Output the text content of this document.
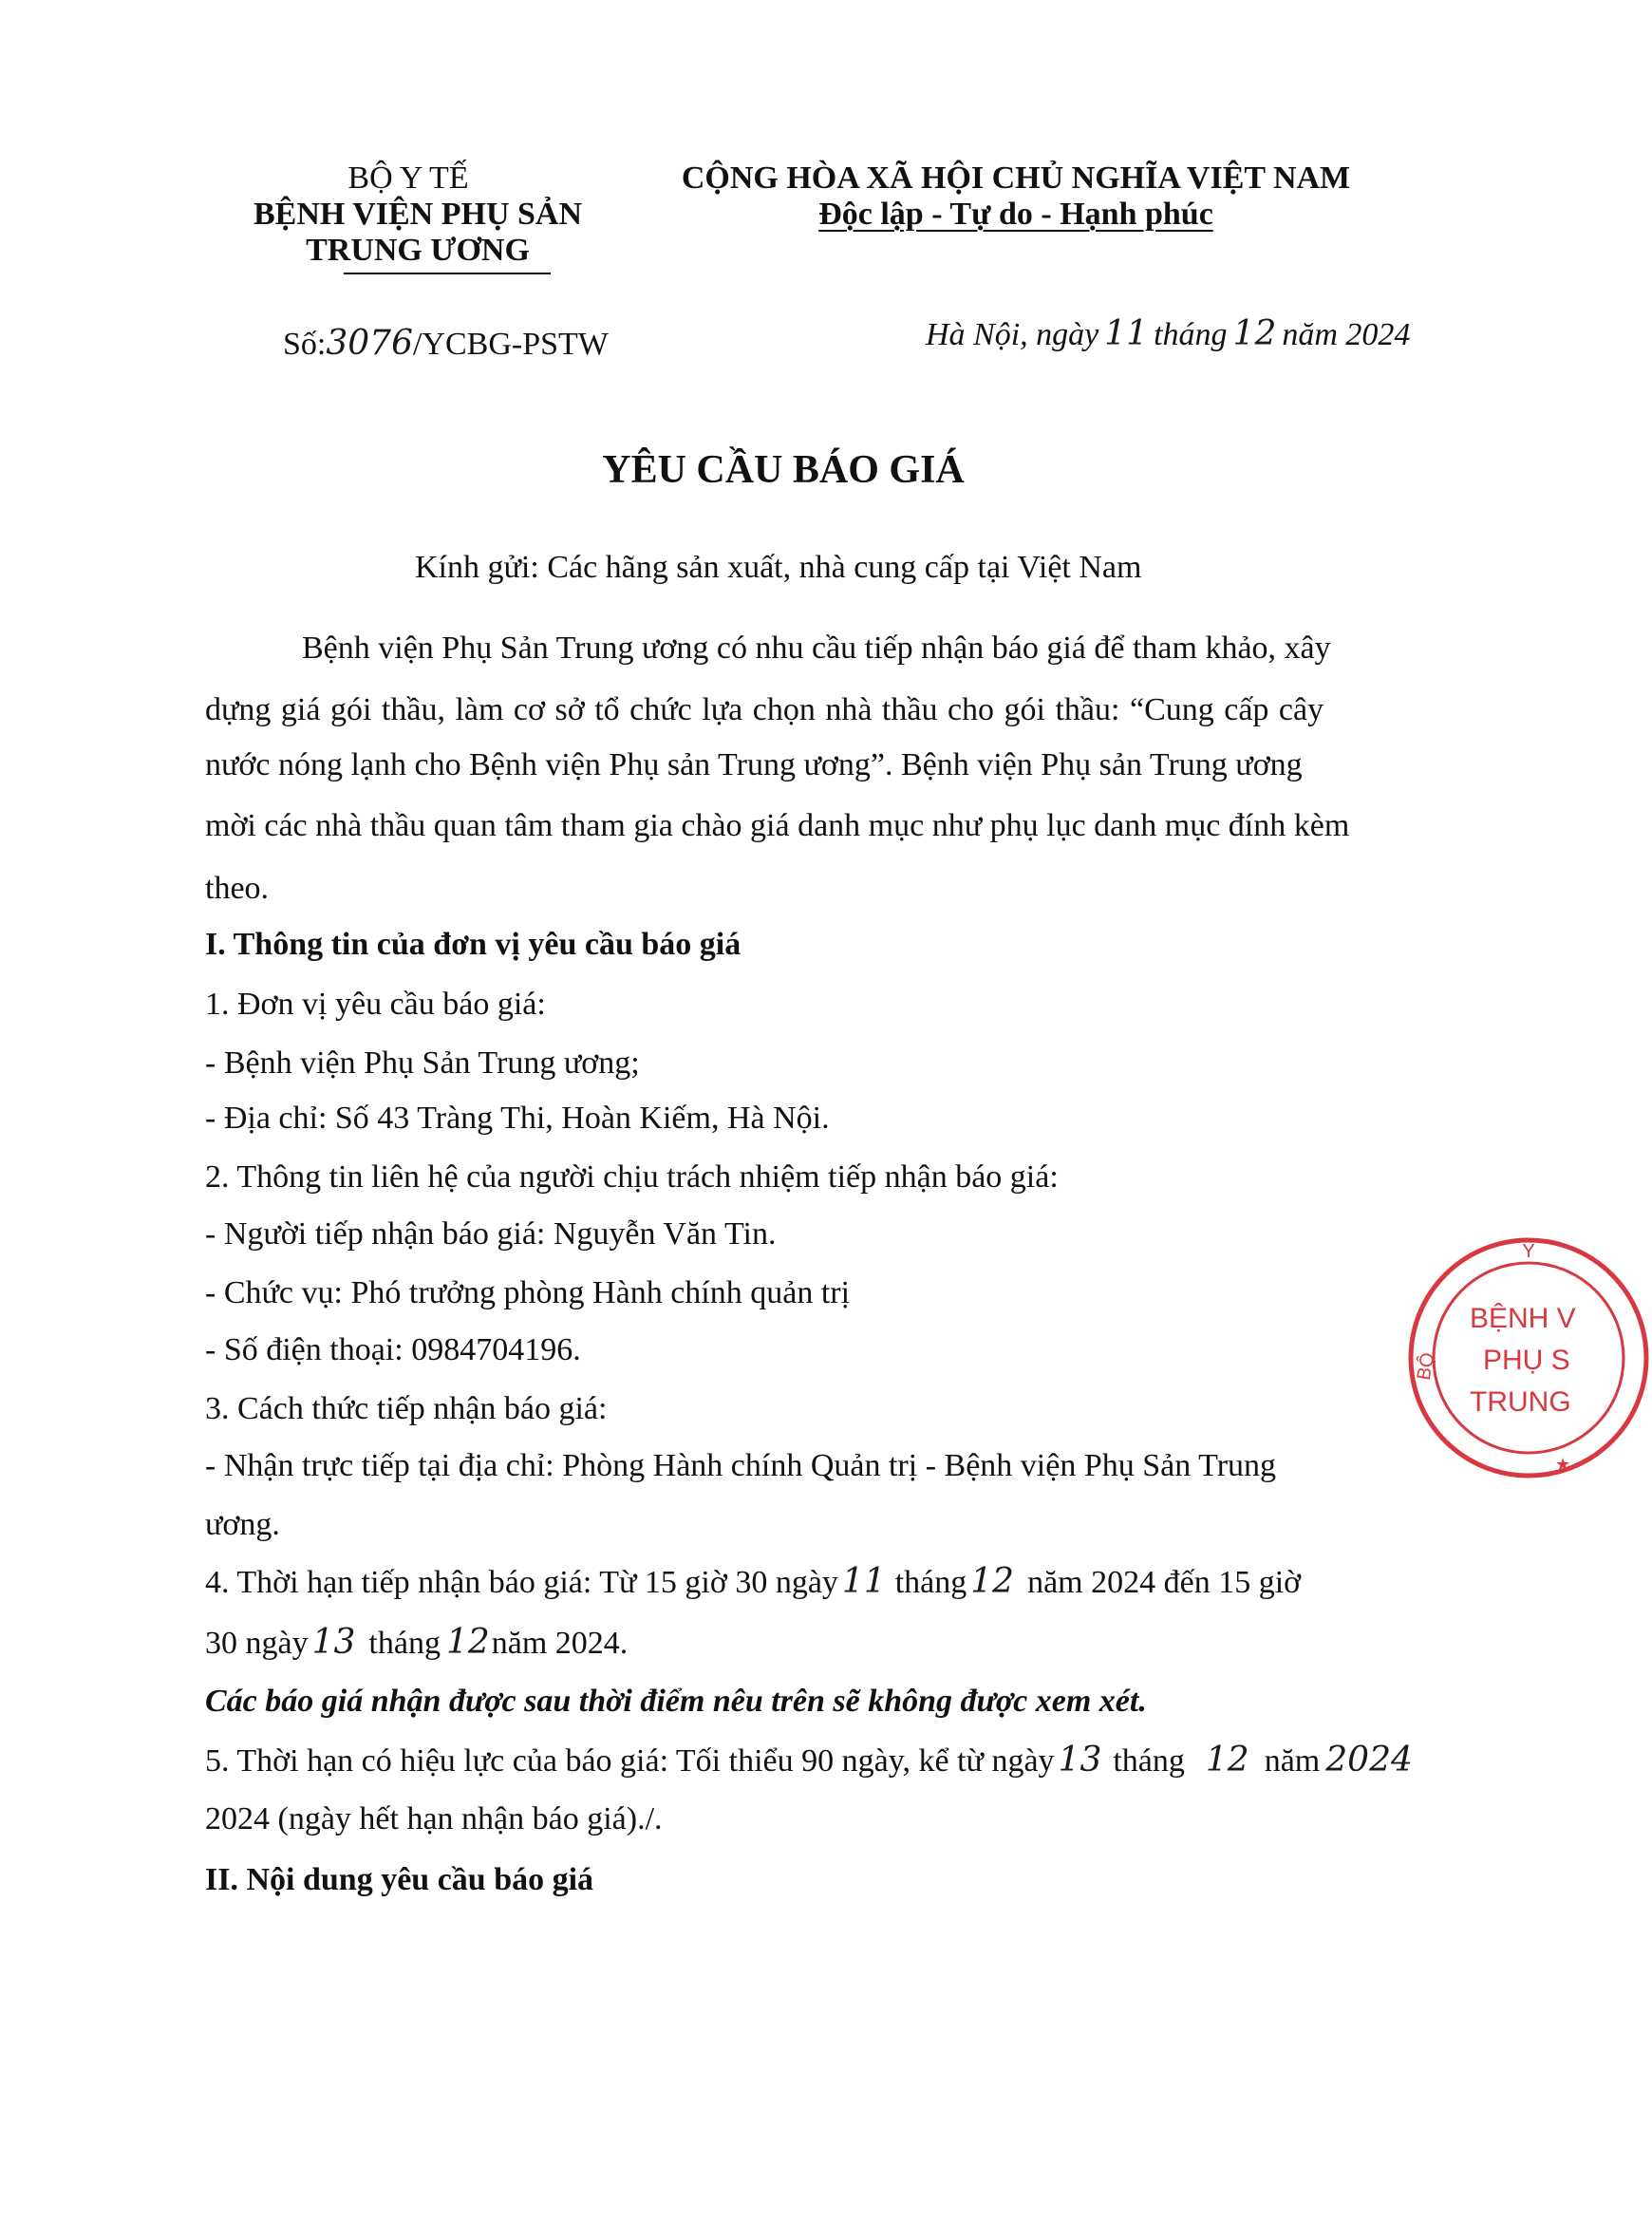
BỘ Y TẾ
BỆNH VIỆN PHỤ SẢN
TRUNG ƯƠNG
CỘNG HÒA XÃ HỘI CHỦ NGHĨA VIỆT NAM
Độc lập - Tự do - Hạnh phúc
Số:3076/YCBG-PSTW	Hà Nội, ngày 11 tháng 12 năm 2024
YÊU CẦU BÁO GIÁ
Kính gửi: Các hãng sản xuất, nhà cung cấp tại Việt Nam
Bệnh viện Phụ Sản Trung ương có nhu cầu tiếp nhận báo giá để tham khảo, xây
dựng giá gói thầu, làm cơ sở tổ chức lựa chọn nhà thầu cho gói thầu: “Cung cấp cây
nước nóng lạnh cho Bệnh viện Phụ sản Trung ương”. Bệnh viện Phụ sản Trung ương
mời các nhà thầu quan tâm tham gia chào giá danh mục như phụ lục danh mục đính kèm
theo.
I. Thông tin của đơn vị yêu cầu báo giá
1. Đơn vị yêu cầu báo giá:
- Bệnh viện Phụ Sản Trung ương;
- Địa chỉ: Số 43 Tràng Thi, Hoàn Kiếm, Hà Nội.
2. Thông tin liên hệ của người chịu trách nhiệm tiếp nhận báo giá:
- Người tiếp nhận báo giá: Nguyễn Văn Tin.
- Chức vụ: Phó trưởng phòng Hành chính quản trị
- Số điện thoại: 0984704196.
3. Cách thức tiếp nhận báo giá:
- Nhận trực tiếp tại địa chỉ: Phòng Hành chính Quản trị - Bệnh viện Phụ Sản Trung
ương.
4. Thời hạn tiếp nhận báo giá: Từ 15 giờ 30 ngày 11 tháng 12 năm 2024 đến 15 giờ
30 ngày 13 tháng 12năm 2024.
Các báo giá nhận được sau thời điểm nêu trên sẽ không được xem xét.
5. Thời hạn có hiệu lực của báo giá: Tối thiểu 90 ngày, kể từ ngày 13 tháng 12 năm 2024
2024 (ngày hết hạn nhận báo giá)./.
II. Nội dung yêu cầu báo giá
Y
BỘ
BỆNH V
PHỤ S
TRUNG
★
